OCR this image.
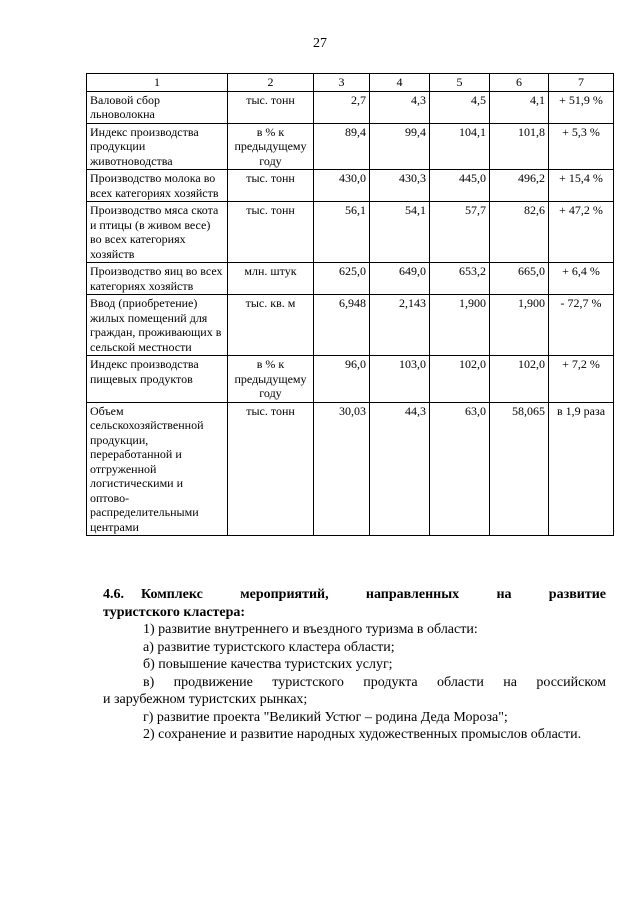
27
1	2	3	4	5	6	7
Валовой сбор льноволокна	тыс. тонн	2,7	4,3	4,5	4,1	+ 51,9 %
Индекс производства продукции животноводства	в % к предыдущему году	89,4	99,4	104,1	101,8	+ 5,3 %
Производство молока во всех категориях хозяйств	тыс. тонн	430,0	430,3	445,0	496,2	+ 15,4 %
Производство мяса скота и птицы (в живом весе) во всех категориях хозяйств	тыс. тонн	56,1	54,1	57,7	82,6	+ 47,2 %
Производство яиц во всех категориях хозяйств	млн. штук	625,0	649,0	653,2	665,0	+ 6,4 %
Ввод (приобретение) жилых помещений для граждан, проживающих в сельской местности	тыс. кв. м	6,948	2,143	1,900	1,900	- 72,7 %
Индекс производства пищевых продуктов	в % к предыдущему году	96,0	103,0	102,0	102,0	+ 7,2 %
Объем сельскохозяйственной продукции, переработанной и отгруженной логистическими и оптово-распределительными центрами	тыс. тонн	30,03	44,3	63,0	58,065	в 1,9 раза

4.6. Комплекс мероприятий, направленных на развитие

туристского кластера:

1) развитие внутреннего и въездного туризма в области:

а) развитие туристского кластера области;

б) повышение качества туристских услуг;

в) продвижение туристского продукта области на российском

и зарубежном туристских рынках;

г) развитие проекта "Великий Устюг – родина Деда Мороза";

2) сохранение и развитие народных художественных промыслов области.
